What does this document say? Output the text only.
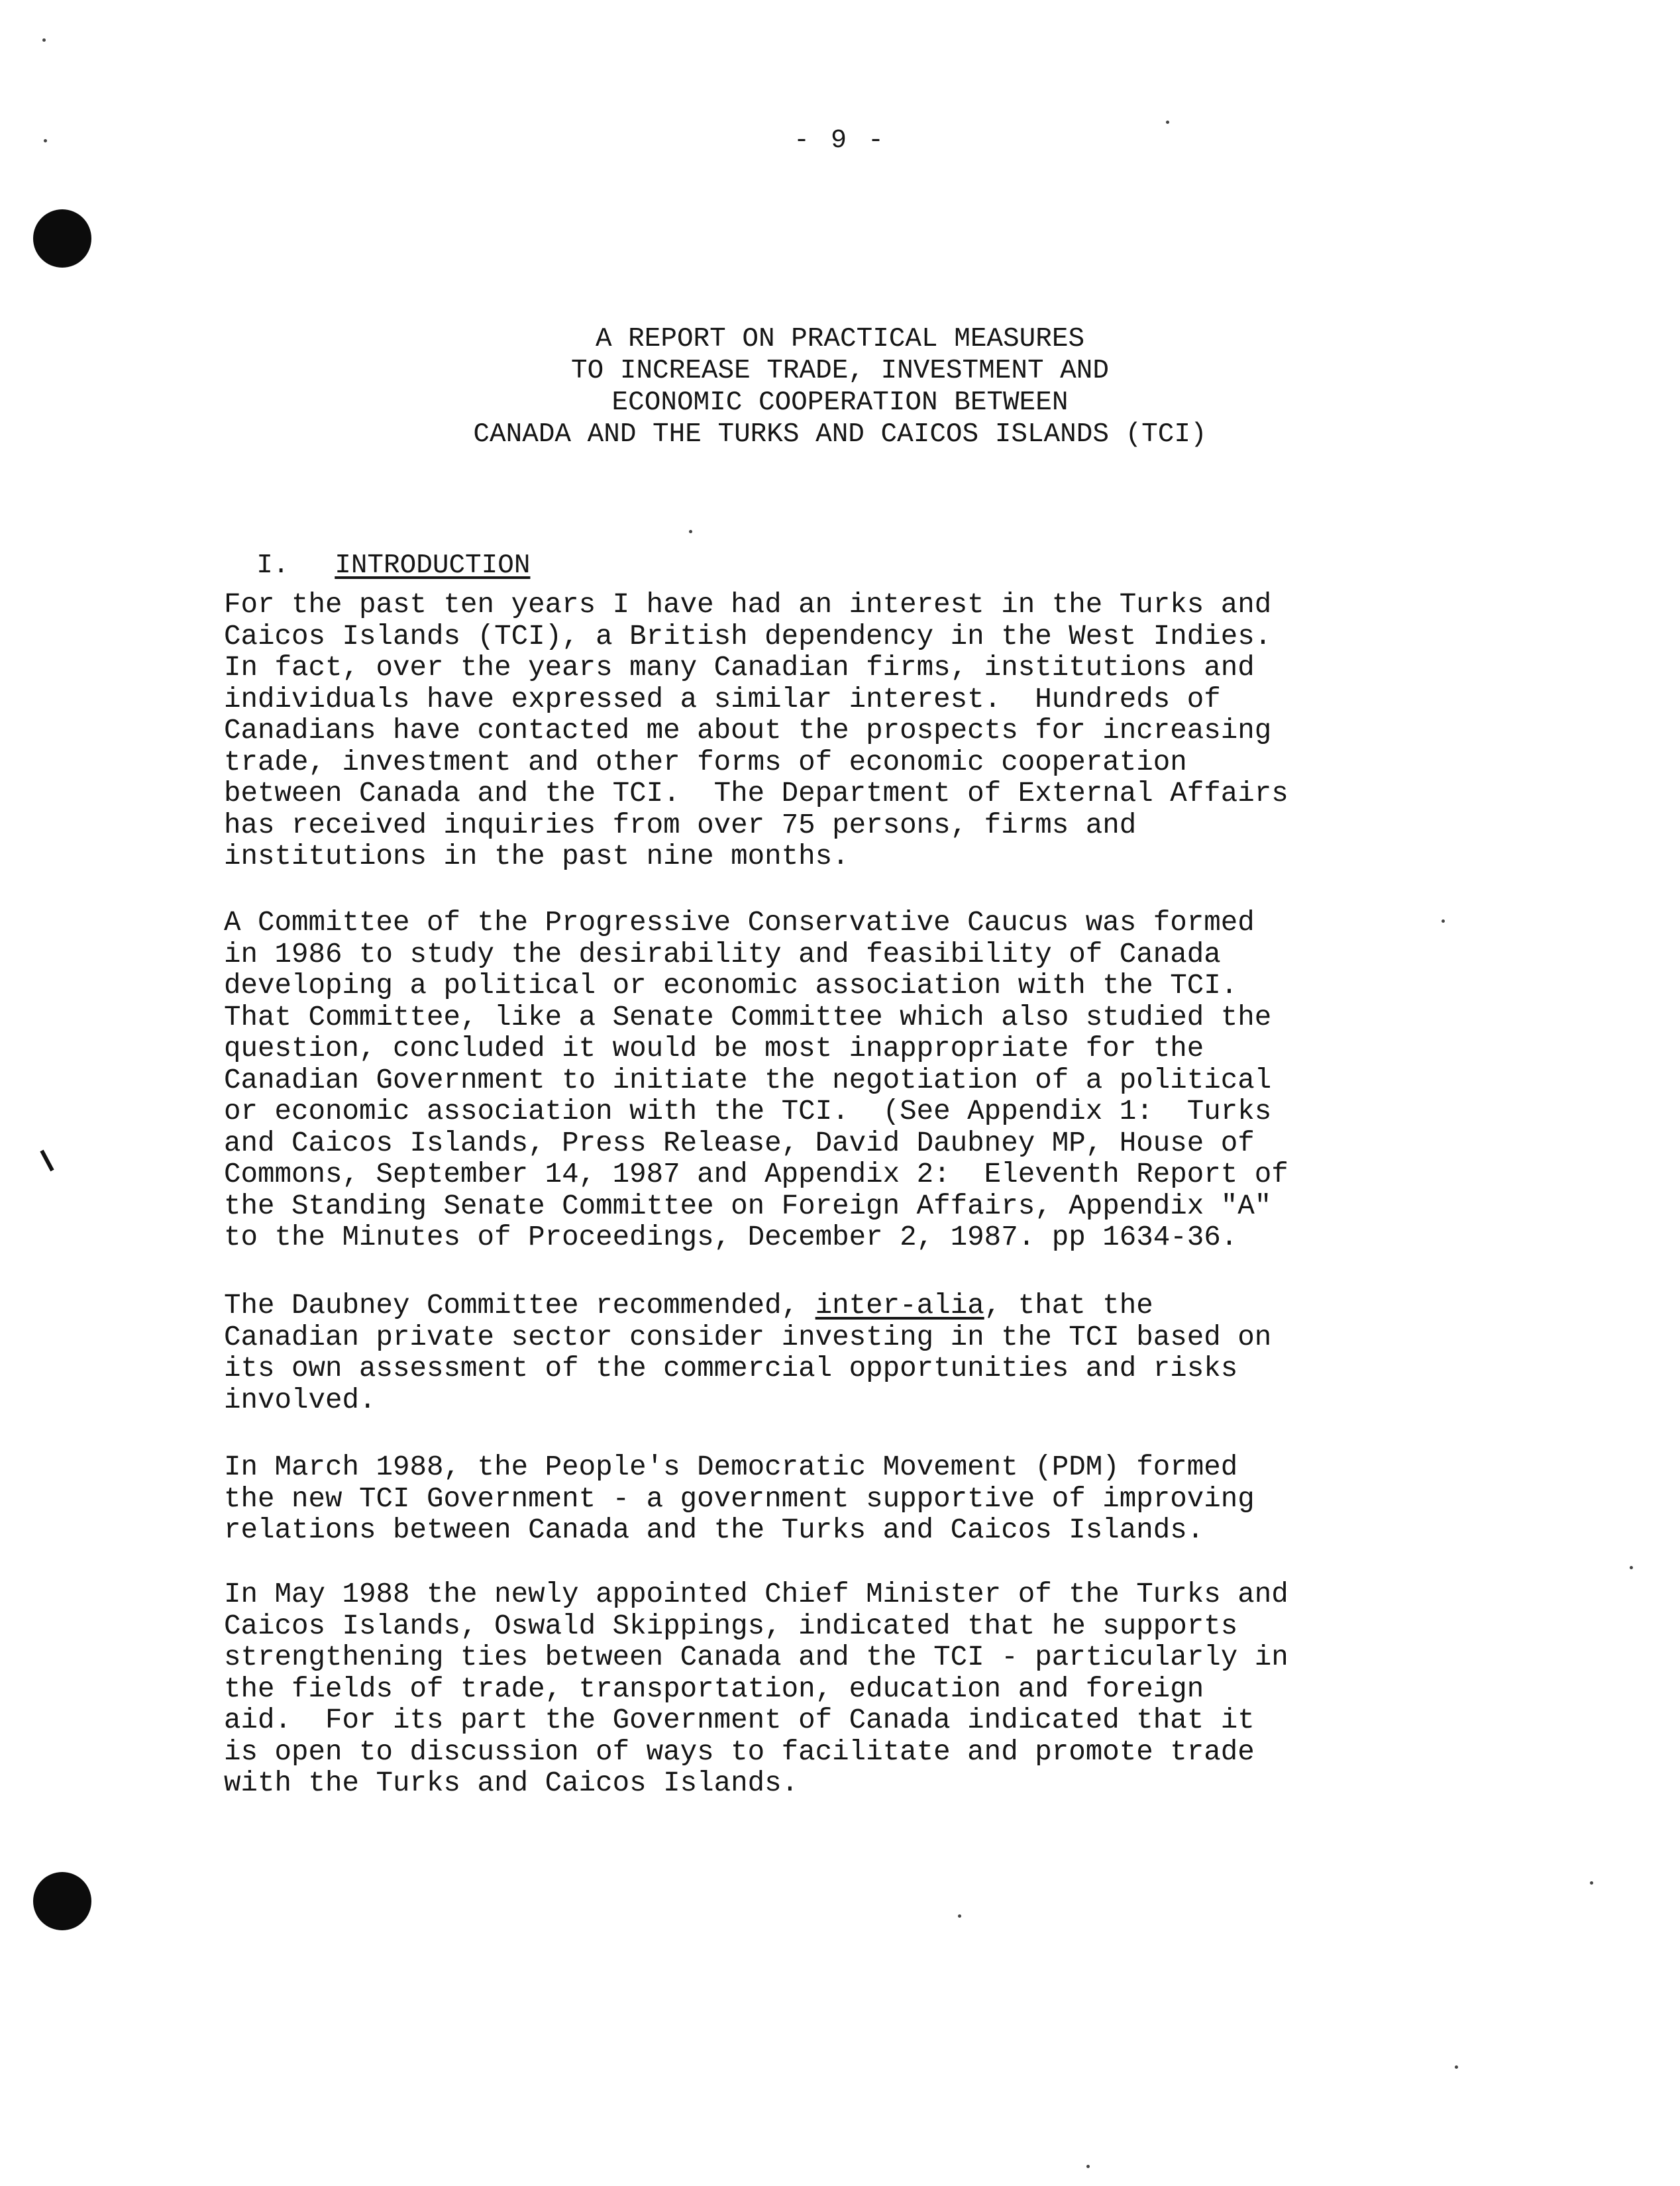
- 9 -
A REPORT ON PRACTICAL MEASURES
TO INCREASE TRADE, INVESTMENT AND
ECONOMIC COOPERATION BETWEEN
CANADA AND THE TURKS AND CAICOS ISLANDS (TCI)

I. INTRODUCTION

For the past ten years I have had an interest in the Turks and
Caicos Islands (TCI), a British dependency in the West Indies.
In fact, over the years many Canadian firms, institutions and
individuals have expressed a similar interest.  Hundreds of
Canadians have contacted me about the prospects for increasing
trade, investment and other forms of economic cooperation
between Canada and the TCI.  The Department of External Affairs
has received inquiries from over 75 persons, firms and
institutions in the past nine months.
A Committee of the Progressive Conservative Caucus was formed
in 1986 to study the desirability and feasibility of Canada
developing a political or economic association with the TCI.
That Committee, like a Senate Committee which also studied the
question, concluded it would be most inappropriate for the
Canadian Government to initiate the negotiation of a political
or economic association with the TCI.  (See Appendix 1:  Turks
and Caicos Islands, Press Release, David Daubney MP, House of
Commons, September 14, 1987 and Appendix 2:  Eleventh Report of
the Standing Senate Committee on Foreign Affairs, Appendix "A"
to the Minutes of Proceedings, December 2, 1987. pp 1634-36.
The Daubney Committee recommended, inter-alia, that the
Canadian private sector consider investing in the TCI based on
its own assessment of the commercial opportunities and risks
involved.
In March 1988, the People's Democratic Movement (PDM) formed
the new TCI Government - a government supportive of improving
relations between Canada and the Turks and Caicos Islands.
In May 1988 the newly appointed Chief Minister of the Turks and
Caicos Islands, Oswald Skippings, indicated that he supports
strengthening ties between Canada and the TCI - particularly in
the fields of trade, transportation, education and foreign
aid.  For its part the Government of Canada indicated that it
is open to discussion of ways to facilitate and promote trade
with the Turks and Caicos Islands.
